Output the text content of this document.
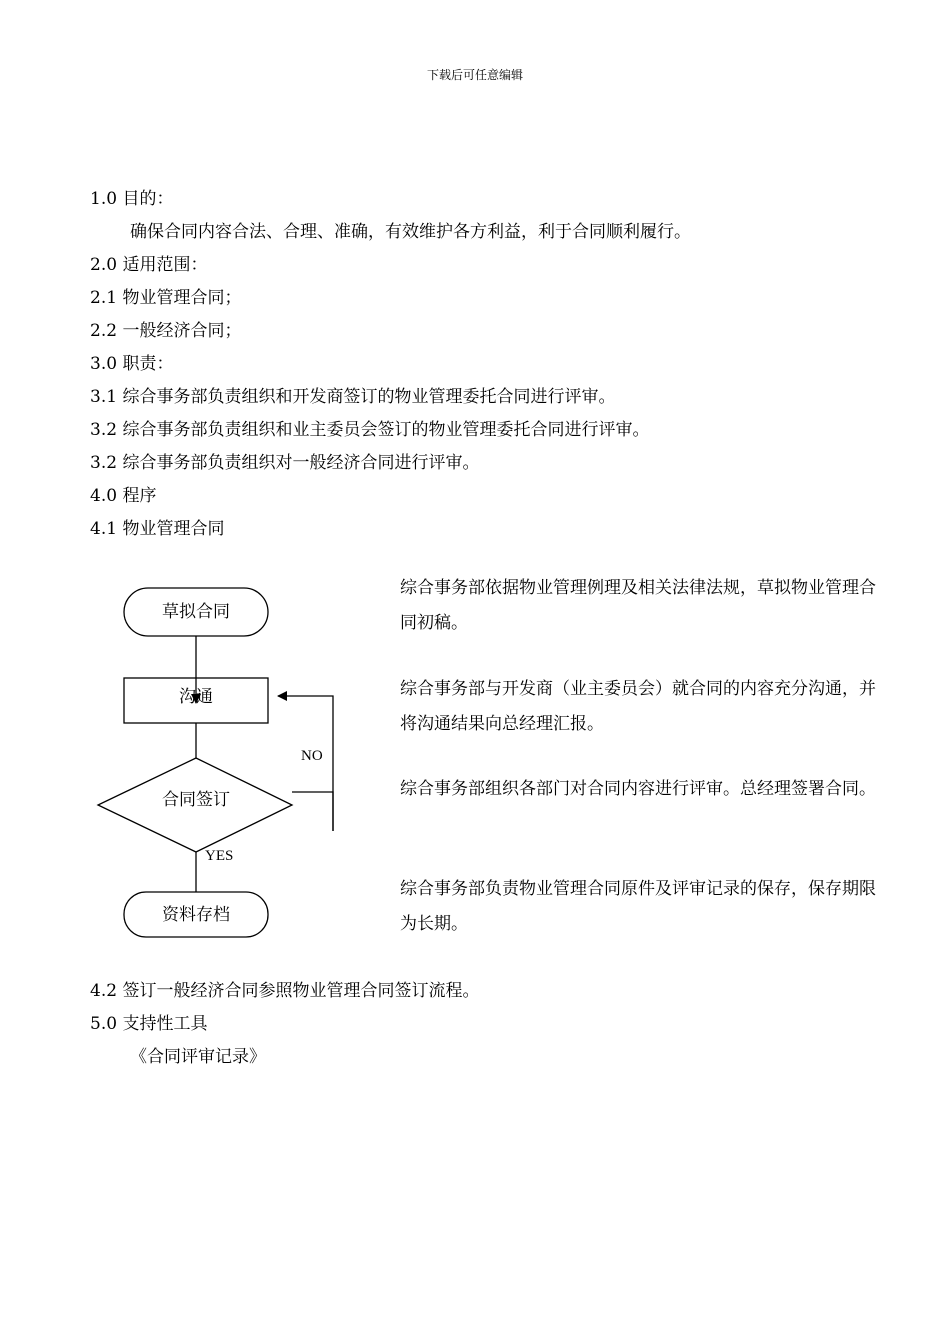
下载后可任意编辑
1.0 目的：
确保合同内容合法、合理、准确，有效维护各方利益，利于合同顺利履行。
2.0 适用范围：
2.1 物业管理合同；
2.2 一般经济合同；
3.0 职责：
3.1 综合事务部负责组织和开发商签订的物业管理委托合同进行评审。
3.2 综合事务部负责组织和业主委员会签订的物业管理委托合同进行评审。
3.2 综合事务部负责组织对一般经济合同进行评审。
4.0 程序
4.1 物业管理合同
草拟合同
沟通
合同签订
NO
YES
资料存档
综合事务部依据物业管理例理及相关法律法规，草拟物业管理合同初稿。
综合事务部与开发商（业主委员会）就合同的内容充分沟通，并将沟通结果向总经理汇报。
综合事务部组织各部门对合同内容进行评审。总经理签署合同。
综合事务部负责物业管理合同原件及评审记录的保存，保存期限为长期。
4.2 签订一般经济合同参照物业管理合同签订流程。
5.0 支持性工具
《合同评审记录》
